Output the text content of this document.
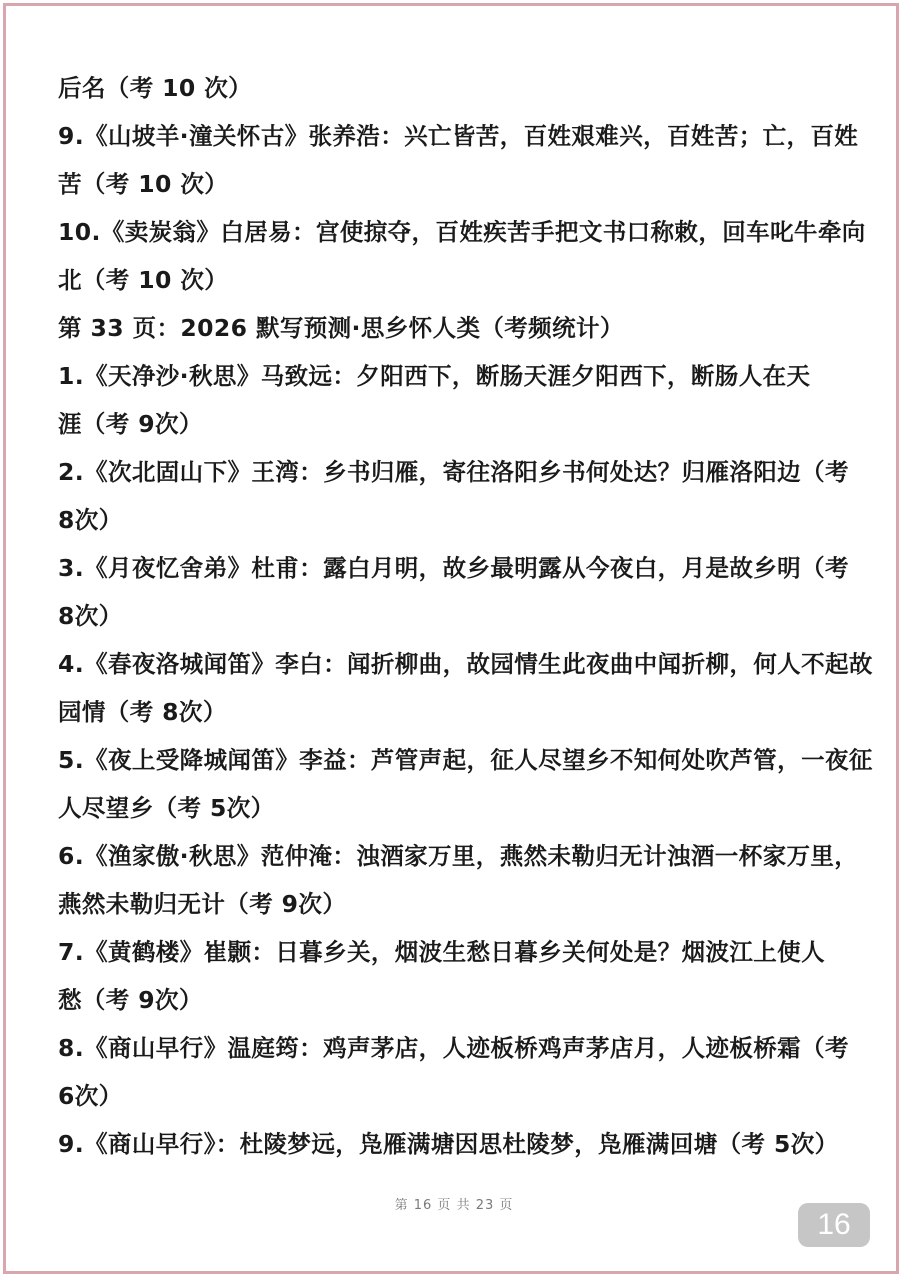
后名（考 10 次）
9.《山坡羊·潼关怀古》张养浩：兴亡皆苦，百姓艰难兴，百姓苦；亡，百姓
苦（考 10 次）
10.《卖炭翁》白居易：宫使掠夺，百姓疾苦手把文书口称敕，回车叱牛牵向
北（考 10 次）
第 33 页：2026 默写预测·思乡怀人类（考频统计）
1.《天净沙·秋思》马致远：夕阳西下，断肠天涯夕阳西下，断肠人在天
涯（考 9次）
2.《次北固山下》王湾：乡书归雁，寄往洛阳乡书何处达？归雁洛阳边（考
8次）
3.《月夜忆舍弟》杜甫：露白月明，故乡最明露从今夜白，月是故乡明（考
8次）
4.《春夜洛城闻笛》李白：闻折柳曲，故园情生此夜曲中闻折柳，何人不起故
园情（考 8次）
5.《夜上受降城闻笛》李益：芦管声起，征人尽望乡不知何处吹芦管，一夜征
人尽望乡（考 5次）
6.《渔家傲·秋思》范仲淹：浊酒家万里，燕然未勒归无计浊酒一杯家万里，
燕然未勒归无计（考 9次）
7.《黄鹤楼》崔颢：日暮乡关，烟波生愁日暮乡关何处是？烟波江上使人
愁（考 9次）
8.《商山早行》温庭筠：鸡声茅店，人迹板桥鸡声茅店月，人迹板桥霜（考
6次）
9.《商山早行》：杜陵梦远，凫雁满塘因思杜陵梦，凫雁满回塘（考 5次）
第 16 页 共 23 页
16
